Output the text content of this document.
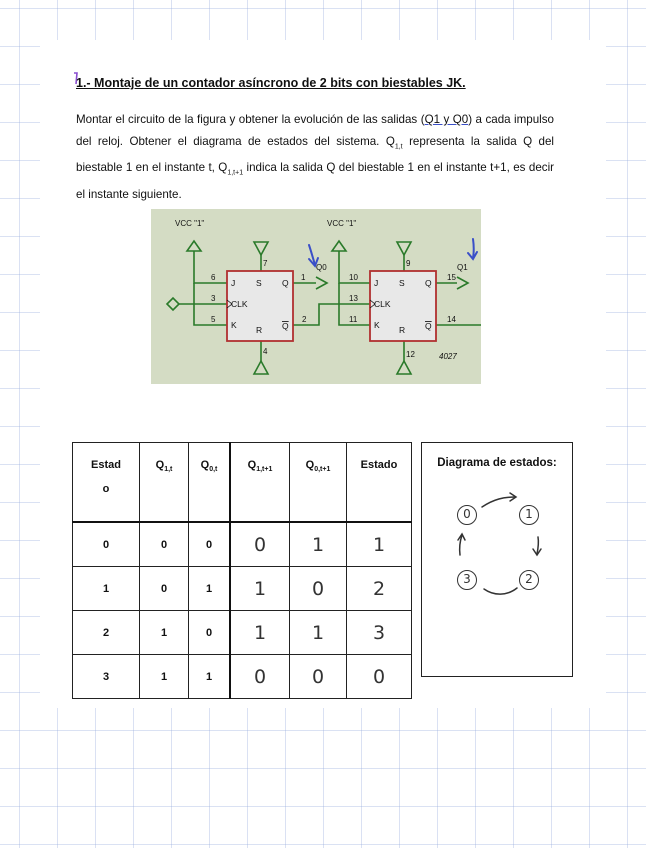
1.- Montaje de un contador asíncrono de 2 bits con biestables JK.

Montar el circuito de la figura y obtener la evolución de las salidas (Q1 y Q0) a cada impulso del reloj. Obtener el diagrama de estados del sistema. $Q_{1,t}$ representa la salida Q del biestable 1 en el instante t, $Q_{1,t+1}$ indica la salida Q del biestable 1 en el instante t+1, es decir el instante siguiente.

VCC "1"	VCC "1"
6
3
5
7
4
1
2
Q0
10
13
11
9
12
15
14
Q1
4027
J S Q
CLK
K R Q
J S Q
CLK
K R Q
Estad

o	$Q_{1,t}$	$Q_{0,t}$	$Q_{1,t+1}$	$Q_{0,t+1}$	Estado
0	0	0	0	1	1
1	0	1	1	0	2
2	1	0	1	1	3
3	1	1	0	0	0
Diagrama de estados:
0	1
2
3
